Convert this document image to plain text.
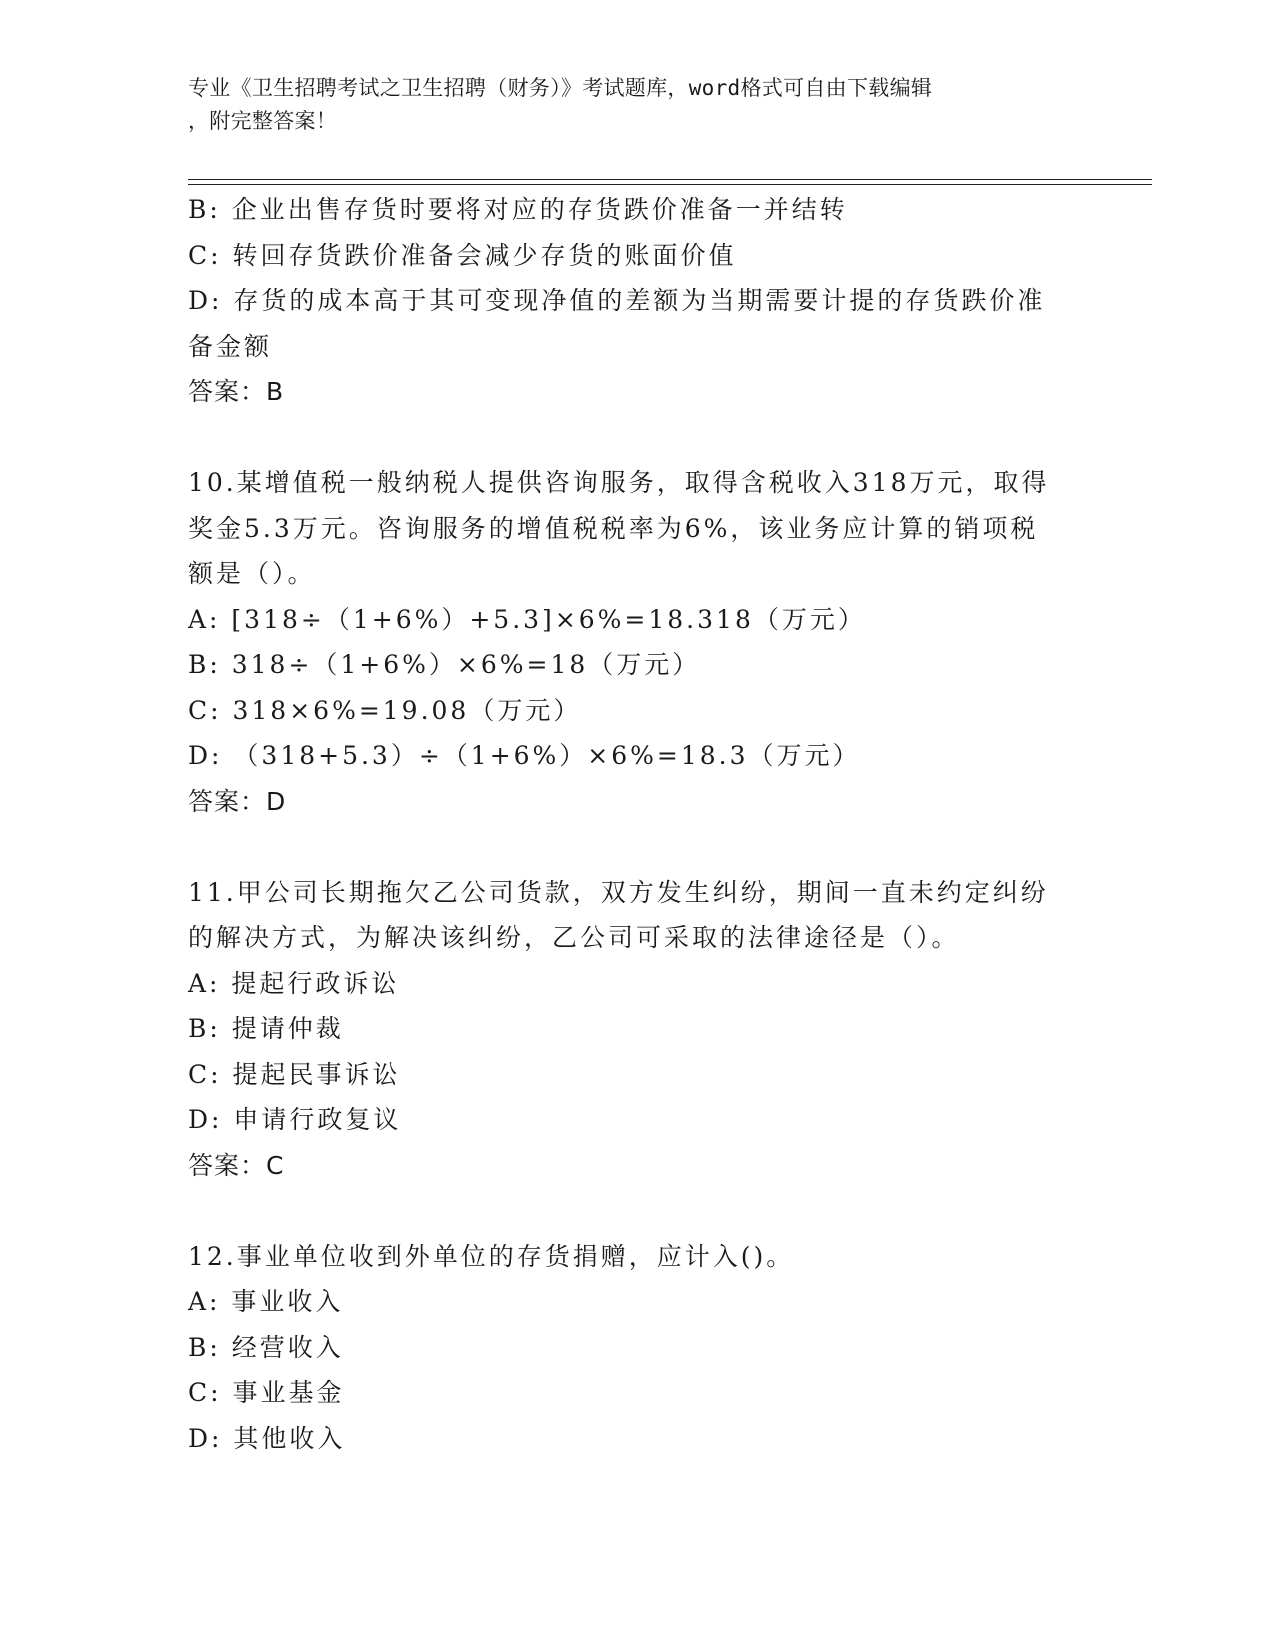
专业《卫生招聘考试之卫生招聘（财务）》考试题库，word格式可自由下载编辑
，附完整答案！
B: 企业出售存货时要将对应的存货跌价准备一并结转
C: 转回存货跌价准备会减少存货的账面价值
D: 存货的成本高于其可变现净值的差额为当期需要计提的存货跌价准
备金额
答案：B
10.某增值税一般纳税人提供咨询服务，取得含税收入318万元，取得
奖金5.3万元。咨询服务的增值税税率为6%，该业务应计算的销项税
额是（）。
A: [318÷（1+6%）+5.3]×6%=18.318（万元）
B: 318÷（1+6%）×6%=18（万元）
C: 318×6%=19.08（万元）
D: （318+5.3）÷（1+6%）×6%=18.3（万元）
答案：D
11.甲公司长期拖欠乙公司货款，双方发生纠纷，期间一直未约定纠纷
的解决方式，为解决该纠纷，乙公司可采取的法律途径是（）。
A: 提起行政诉讼
B: 提请仲裁
C: 提起民事诉讼
D: 申请行政复议
答案：C
12.事业单位收到外单位的存货捐赠，应计入()。
A: 事业收入
B: 经营收入
C: 事业基金
D: 其他收入
